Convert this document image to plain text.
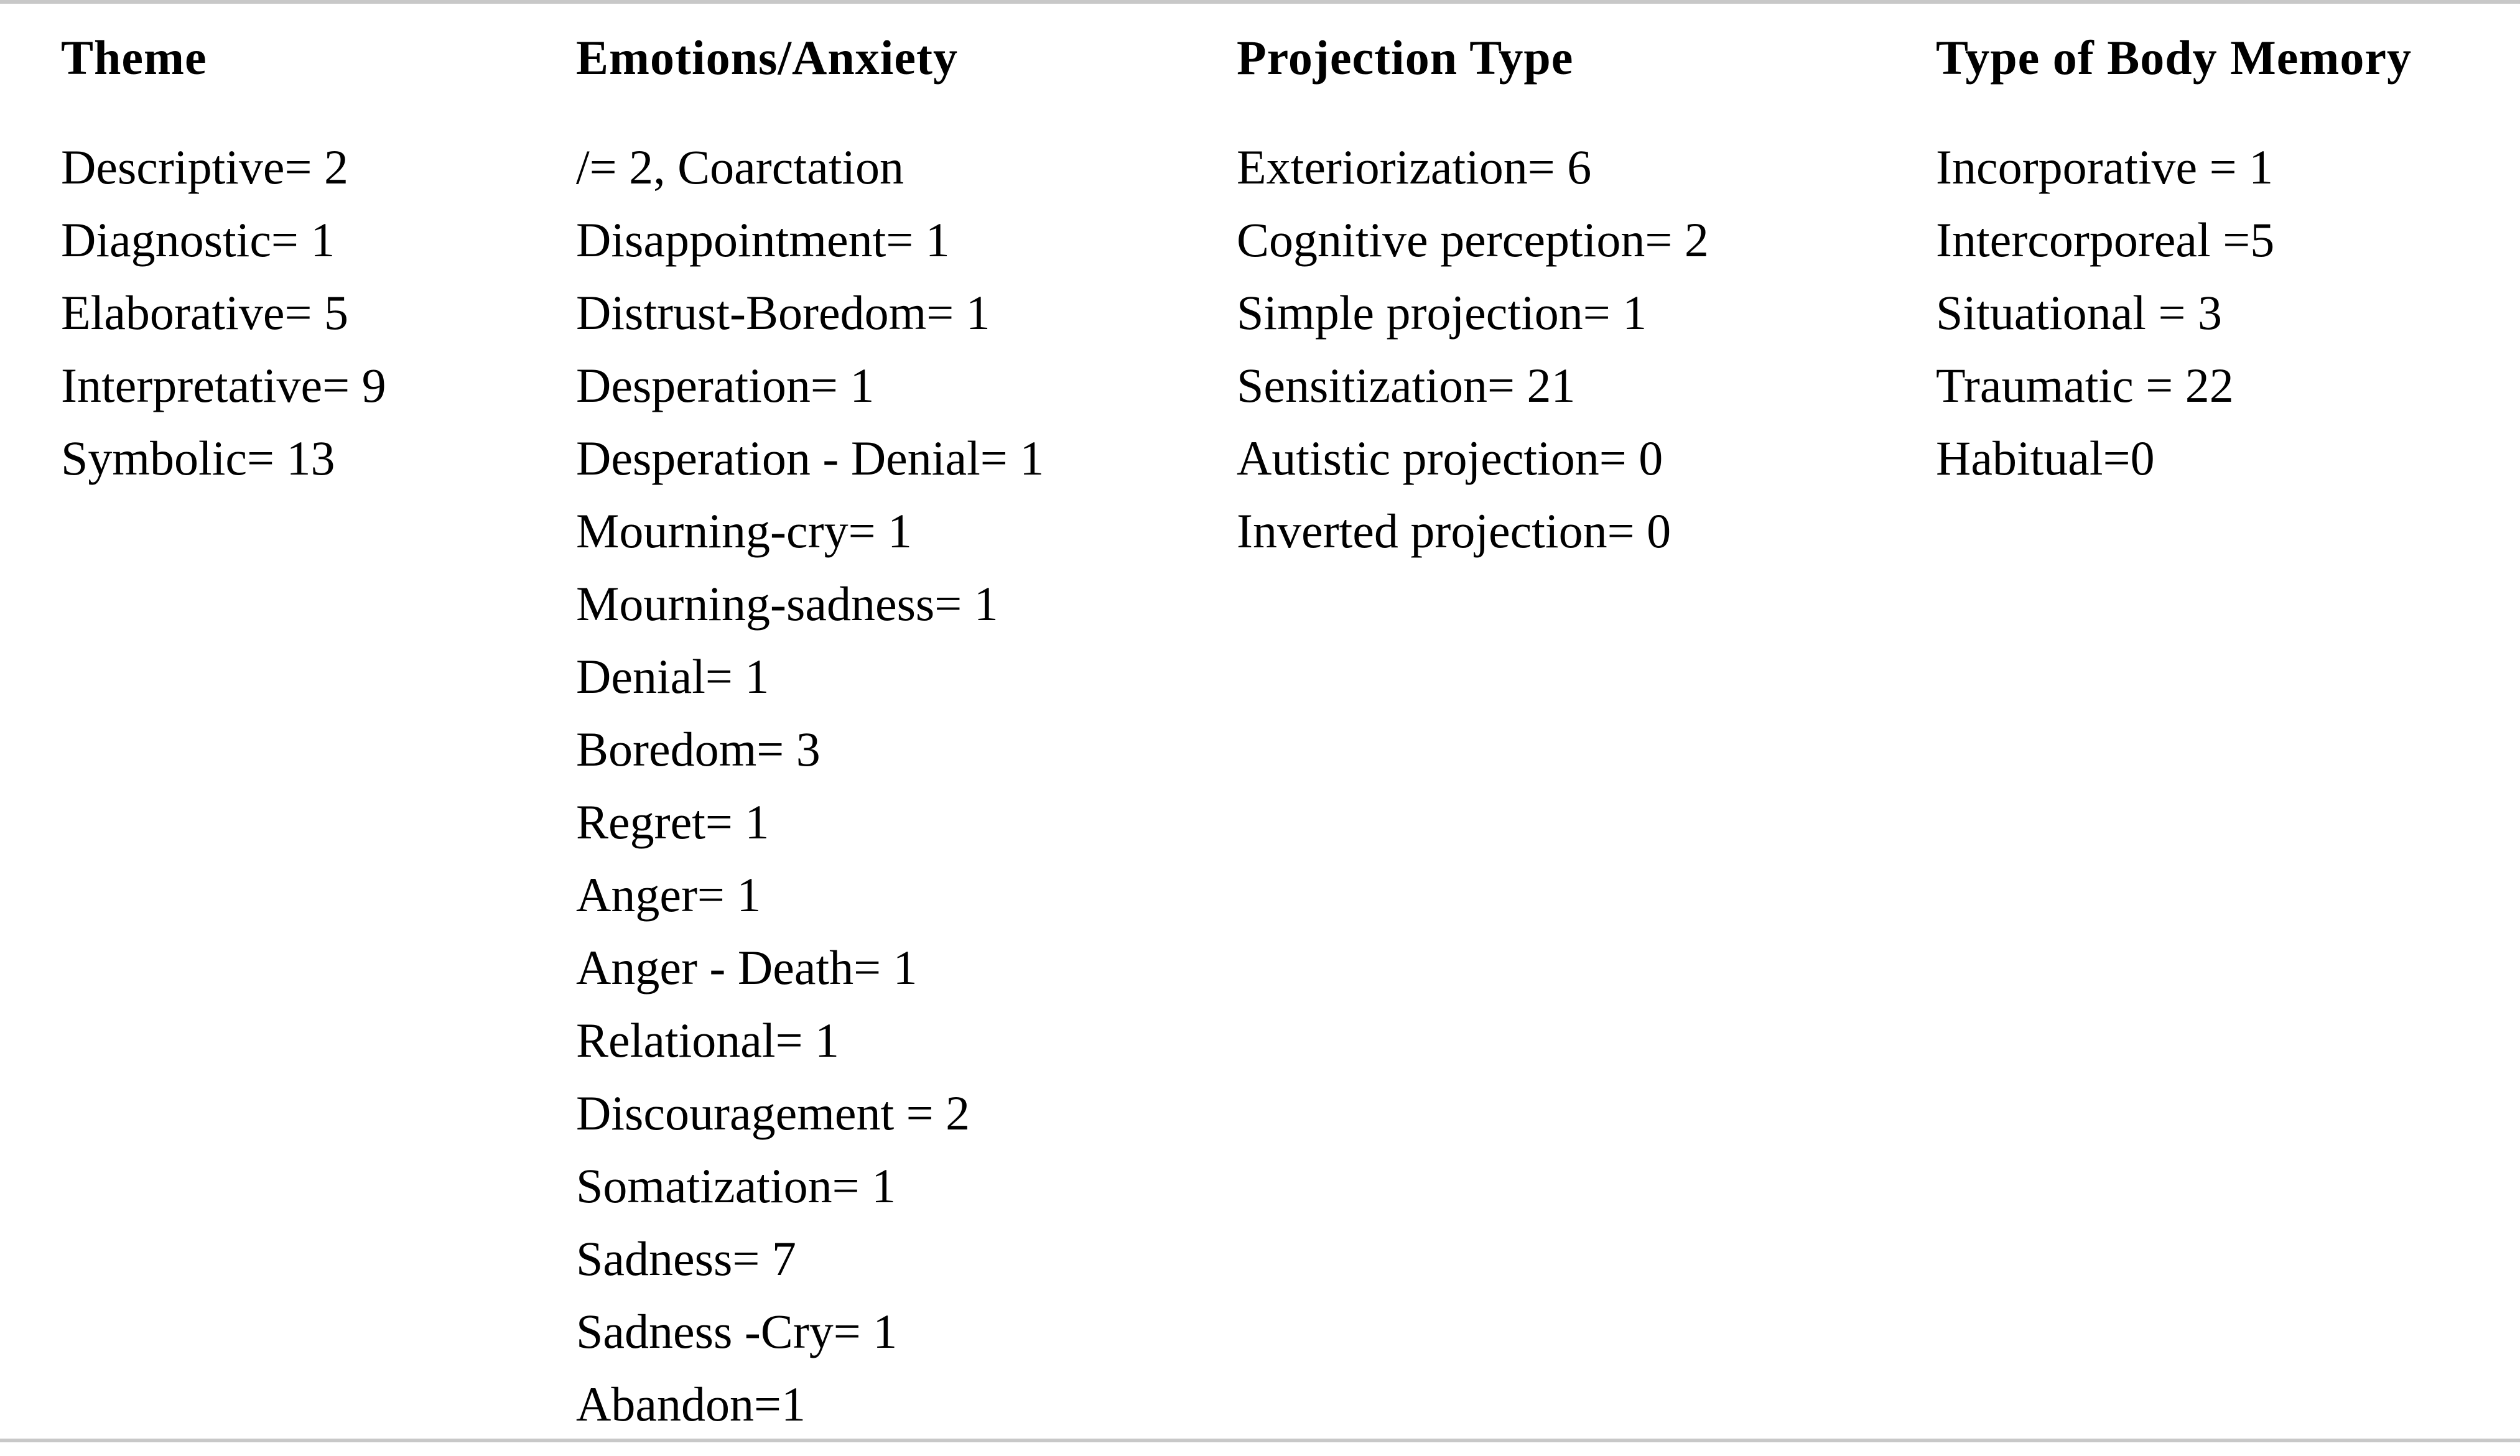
Theme
Descriptive= 2
Diagnostic= 1
Elaborative= 5
Interpretative= 9
Symbolic= 13
Emotions/Anxiety
/= 2, Coarctation
Disappointment= 1
Distrust-Boredom= 1
Desperation= 1
Desperation - Denial= 1
Mourning-cry= 1
Mourning-sadness= 1
Denial= 1
Boredom= 3
Regret= 1
Anger= 1
Anger - Death= 1
Relational= 1
Discouragement = 2
Somatization= 1
Sadness= 7
Sadness -Cry= 1
Abandon=1
Projection Type
Exteriorization= 6
Cognitive perception= 2
Simple projection= 1
Sensitization= 21
Autistic projection= 0
Inverted projection= 0
Type of Body Memory
Incorporative = 1
Intercorporeal =5
Situational = 3
Traumatic = 22
Habitual=0
